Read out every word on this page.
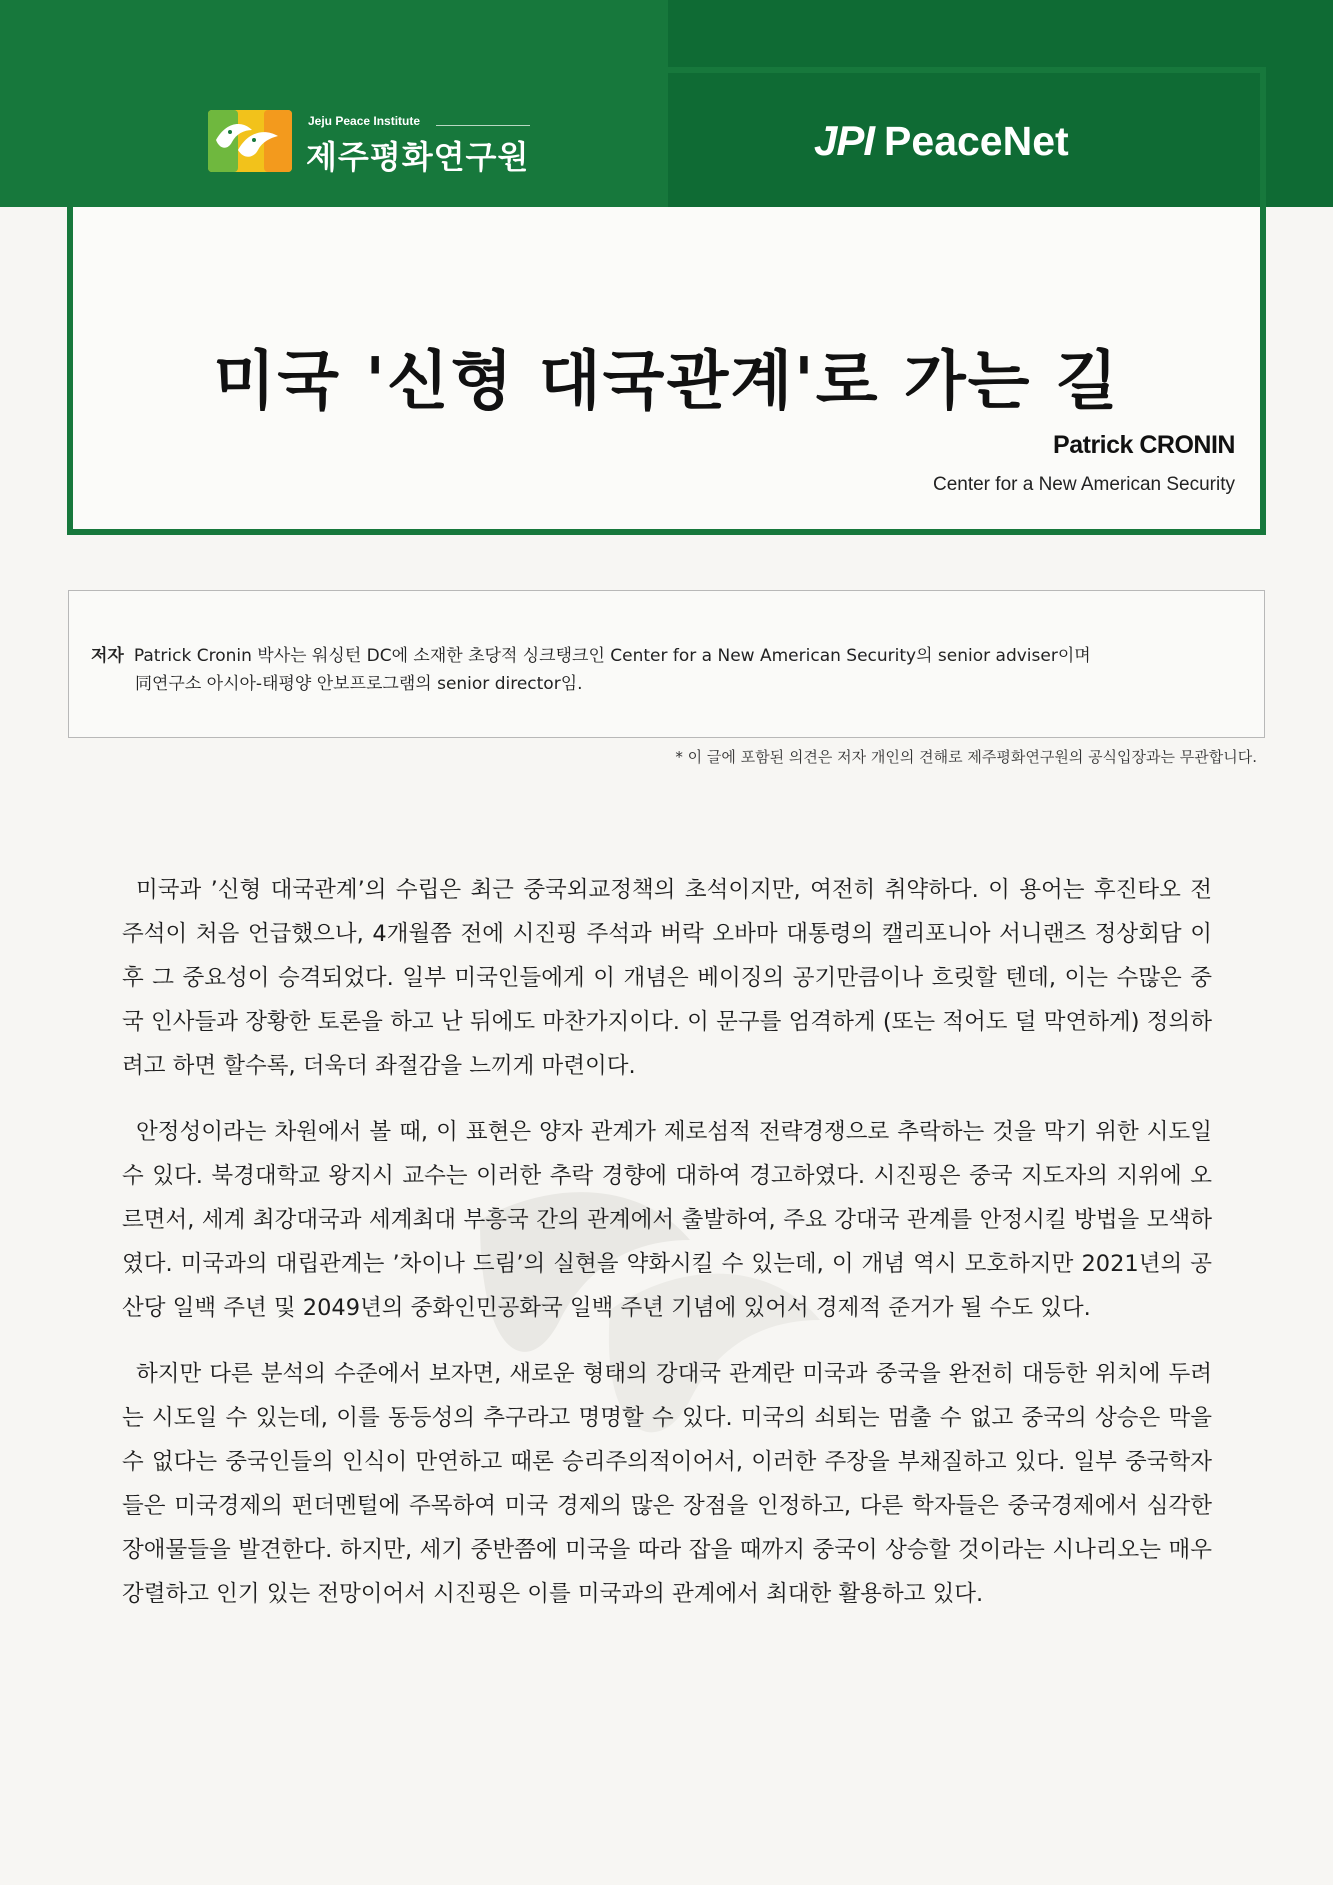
Jeju Peace Institute
제주평화연구원	JPI PeaceNet
미국 '신형 대국관계'로 가는 길
Patrick CRONIN
Center for a New American Security
저자 Patrick Cronin 박사는 워싱턴 DC에 소재한 초당적 싱크탱크인 Center for a New American Security의 senior adviser이며
同연구소 아시아-태평양 안보프로그램의 senior director임.
* 이 글에 포함된 의견은 저자 개인의 견해로 제주평화연구원의 공식입장과는 무관합니다.

미국과 ’신형 대국관계’의 수립은 최근 중국외교정책의 초석이지만, 여전히 취약하다. 이 용어는 후진타오 전 주석이 처음 언급했으나, 4개월쯤 전에 시진핑 주석과 버락 오바마 대통령의 캘리포니아 서니랜즈 정상회담 이후 그 중요성이 승격되었다. 일부 미국인들에게 이 개념은 베이징의 공기만큼이나 흐릿할 텐데, 이는 수많은 중국 인사들과 장황한 토론을 하고 난 뒤에도 마찬가지이다. 이 문구를 엄격하게 (또는 적어도 덜 막연하게) 정의하려고 하면 할수록, 더욱더 좌절감을 느끼게 마련이다.

안정성이라는 차원에서 볼 때, 이 표현은 양자 관계가 제로섬적 전략경쟁으로 추락하는 것을 막기 위한 시도일 수 있다. 북경대학교 왕지시 교수는 이러한 추락 경향에 대하여 경고하였다. 시진핑은 중국 지도자의 지위에 오르면서, 세계 최강대국과 세계최대 부흥국 간의 관계에서 출발하여, 주요 강대국 관계를 안정시킬 방법을 모색하였다. 미국과의 대립관계는 ’차이나 드림’의 실현을 약화시킬 수 있는데, 이 개념 역시 모호하지만 2021년의 공산당 일백 주년 및 2049년의 중화인민공화국 일백 주년 기념에 있어서 경제적 준거가 될 수도 있다.

하지만 다른 분석의 수준에서 보자면, 새로운 형태의 강대국 관계란 미국과 중국을 완전히 대등한 위치에 두려는 시도일 수 있는데, 이를 동등성의 추구라고 명명할 수 있다. 미국의 쇠퇴는 멈출 수 없고 중국의 상승은 막을 수 없다는 중국인들의 인식이 만연하고 때론 승리주의적이어서, 이러한 주장을 부채질하고 있다. 일부 중국학자들은 미국경제의 펀더멘털에 주목하여 미국 경제의 많은 장점을 인정하고, 다른 학자들은 중국경제에서 심각한 장애물들을 발견한다. 하지만, 세기 중반쯤에 미국을 따라 잡을 때까지 중국이 상승할 것이라는 시나리오는 매우 강렬하고 인기 있는 전망이어서 시진핑은 이를 미국과의 관계에서 최대한 활용하고 있다.
